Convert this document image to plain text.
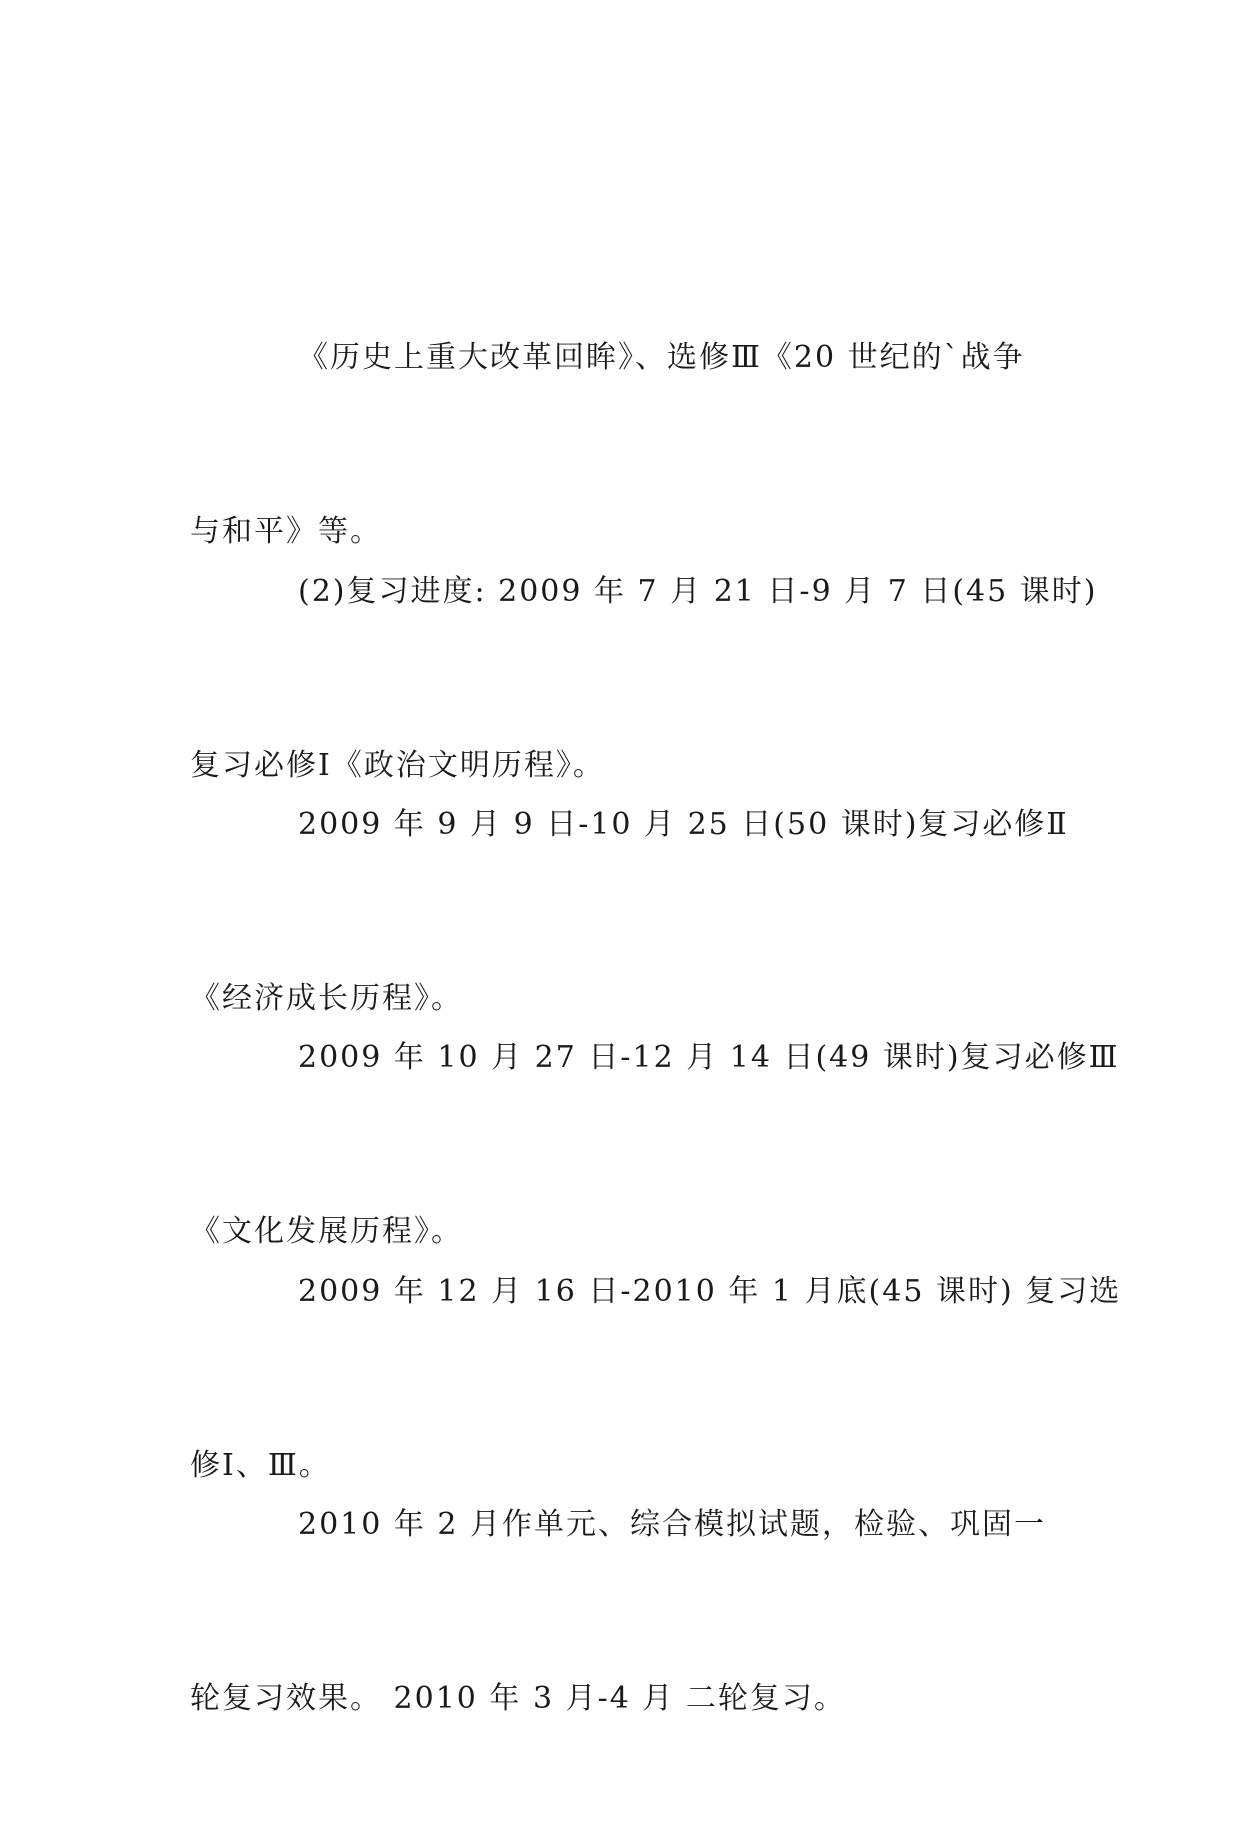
《历史上重大改革回眸》、选修Ⅲ《20 世纪的`战争

与和平》等。

(2)复习进度: 2009 年 7 月 21 日-9 月 7 日(45 课时)

复习必修Ⅰ《政治文明历程》。

2009 年 9 月 9 日-10 月 25 日(50 课时)复习必修Ⅱ

《经济成长历程》。

2009 年 10 月 27 日-12 月 14 日(49 课时)复习必修Ⅲ

《文化发展历程》。

2009 年 12 月 16 日-2010 年 1 月底(45 课时) 复习选

修Ⅰ、Ⅲ。

2010 年 2 月作单元、综合模拟试题，检验、巩固一

轮复习效果。 2010 年 3 月-4 月 二轮复习。
